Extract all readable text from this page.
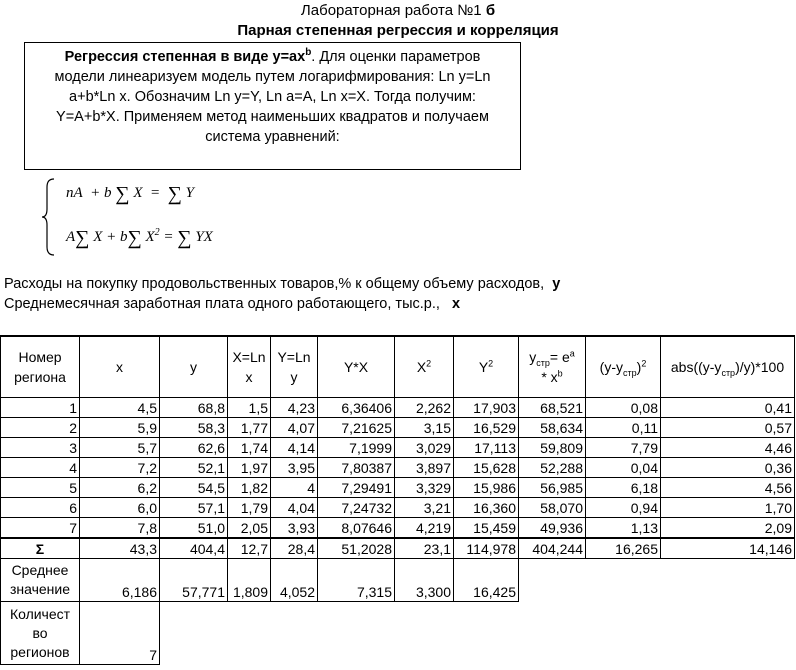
Лабораторная работа №1 б
Парная степенная регрессия и корреляция
Регрессия степенная в виде $y=ax^b$. Для оценки параметров
модели линеаризуем модель путем логарифмирования: Ln y=Ln
a+b*Ln x. Обозначим Ln y=Y, Ln a=A, Ln x=X. Тогда получим:
Y=A+b*X. Применяем метод наименьших квадратов и получаем
система уравнений:
nA + b ∑ X = ∑ Y
A∑ X + b∑ $X^2$ = ∑ YX
Расходы на покупку продовольственных товаров,% к общему объему расходов, y
Среднемесячная заработная плата одного работающего, тыс.р., x
Номер региона	x	y	X=Ln x	Y=Ln y	Y*X	$X^2$	$Y^2$	$y_{стр}= e^a$
* $x^b$	$(y-y_{стр})^2$	$abs((y-y_{стр})/y)*100$
1	4,5	68,8	1,5	4,23	6,36406	2,262	17,903	68,521	0,08	0,41
2	5,9	58,3	1,77	4,07	7,21625	3,15	16,529	58,634	0,11	0,57
3	5,7	62,6	1,74	4,14	7,1999	3,029	17,113	59,809	7,79	4,46
4	7,2	52,1	1,97	3,95	7,80387	3,897	15,628	52,288	0,04	0,36
5	6,2	54,5	1,82	4	7,29491	3,329	15,986	56,985	6,18	4,56
6	6,0	57,1	1,79	4,04	7,24732	3,21	16,360	58,070	0,94	1,70
7	7,8	51,0	2,05	3,93	8,07646	4,219	15,459	49,936	1,13	2,09
Σ	43,3	404,4	12,7	28,4	51,2028	23,1	114,978	404,244	16,265	14,146
Среднее значение	6,186	57,771	1,809	4,052	7,315	3,300	16,425			
Количест во регионов	7									
